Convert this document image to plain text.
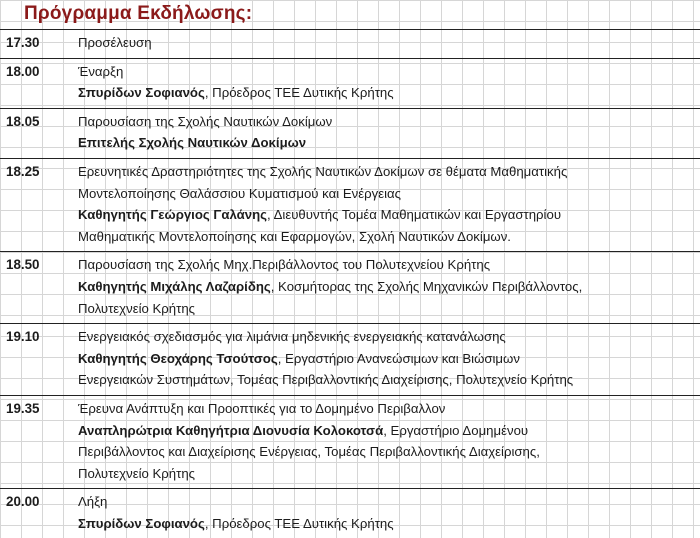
Πρόγραμμα Εκδήλωσης:
17.30	Προσέλευση
18.00	Έναρξη
Σπυρίδων Σοφιανός, Πρόεδρος ΤΕΕ Δυτικής Κρήτης
18.05	Παρουσίαση της Σχολής Ναυτικών Δοκίμων
Επιτελής Σχολής Ναυτικών Δοκίμων
18.25	Ερευνητικές Δραστηριότητες της Σχολής Ναυτικών Δοκίμων σε θέματα Μαθηματικής
Μοντελοποίησης Θαλάσσιου Κυματισμού και Ενέργειας
Καθηγητής Γεώργιος Γαλάνης, Διευθυντής Τομέα Μαθηματικών και Εργαστηρίου
Μαθηματικής Μοντελοποίησης και Εφαρμογών, Σχολή Ναυτικών Δοκίμων.
18.50	Παρουσίαση της Σχολής Μηχ.Περιβάλλοντος του Πολυτεχνείου Κρήτης
Καθηγητής Μιχάλης Λαζαρίδης, Κοσμήτορας της Σχολής Μηχανικών Περιβάλλοντος,
Πολυτεχνείο Κρήτης
19.10	Ενεργειακός σχεδιασμός για λιμάνια μηδενικής ενεργειακής κατανάλωσης
Καθηγητής Θεοχάρης Τσούτσος, Εργαστήριο Ανανεώσιμων και Βιώσιμων
Ενεργειακών Συστημάτων, Τομέας Περιβαλλοντικής Διαχείρισης, Πολυτεχνείο Κρήτης
19.35	Έρευνα Ανάπτυξη και Προοπτικές για το Δομημένο Περιβαλλον
Αναπληρώτρια Καθηγήτρια Διονυσία Κολοκοτσά, Εργαστήριο Δομημένου
Περιβάλλοντος και Διαχείρισης Ενέργειας, Τομέας Περιβαλλοντικής Διαχείρισης,
Πολυτεχνείο Κρήτης
20.00	Λήξη
Σπυρίδων Σοφιανός, Πρόεδρος ΤΕΕ Δυτικής Κρήτης
